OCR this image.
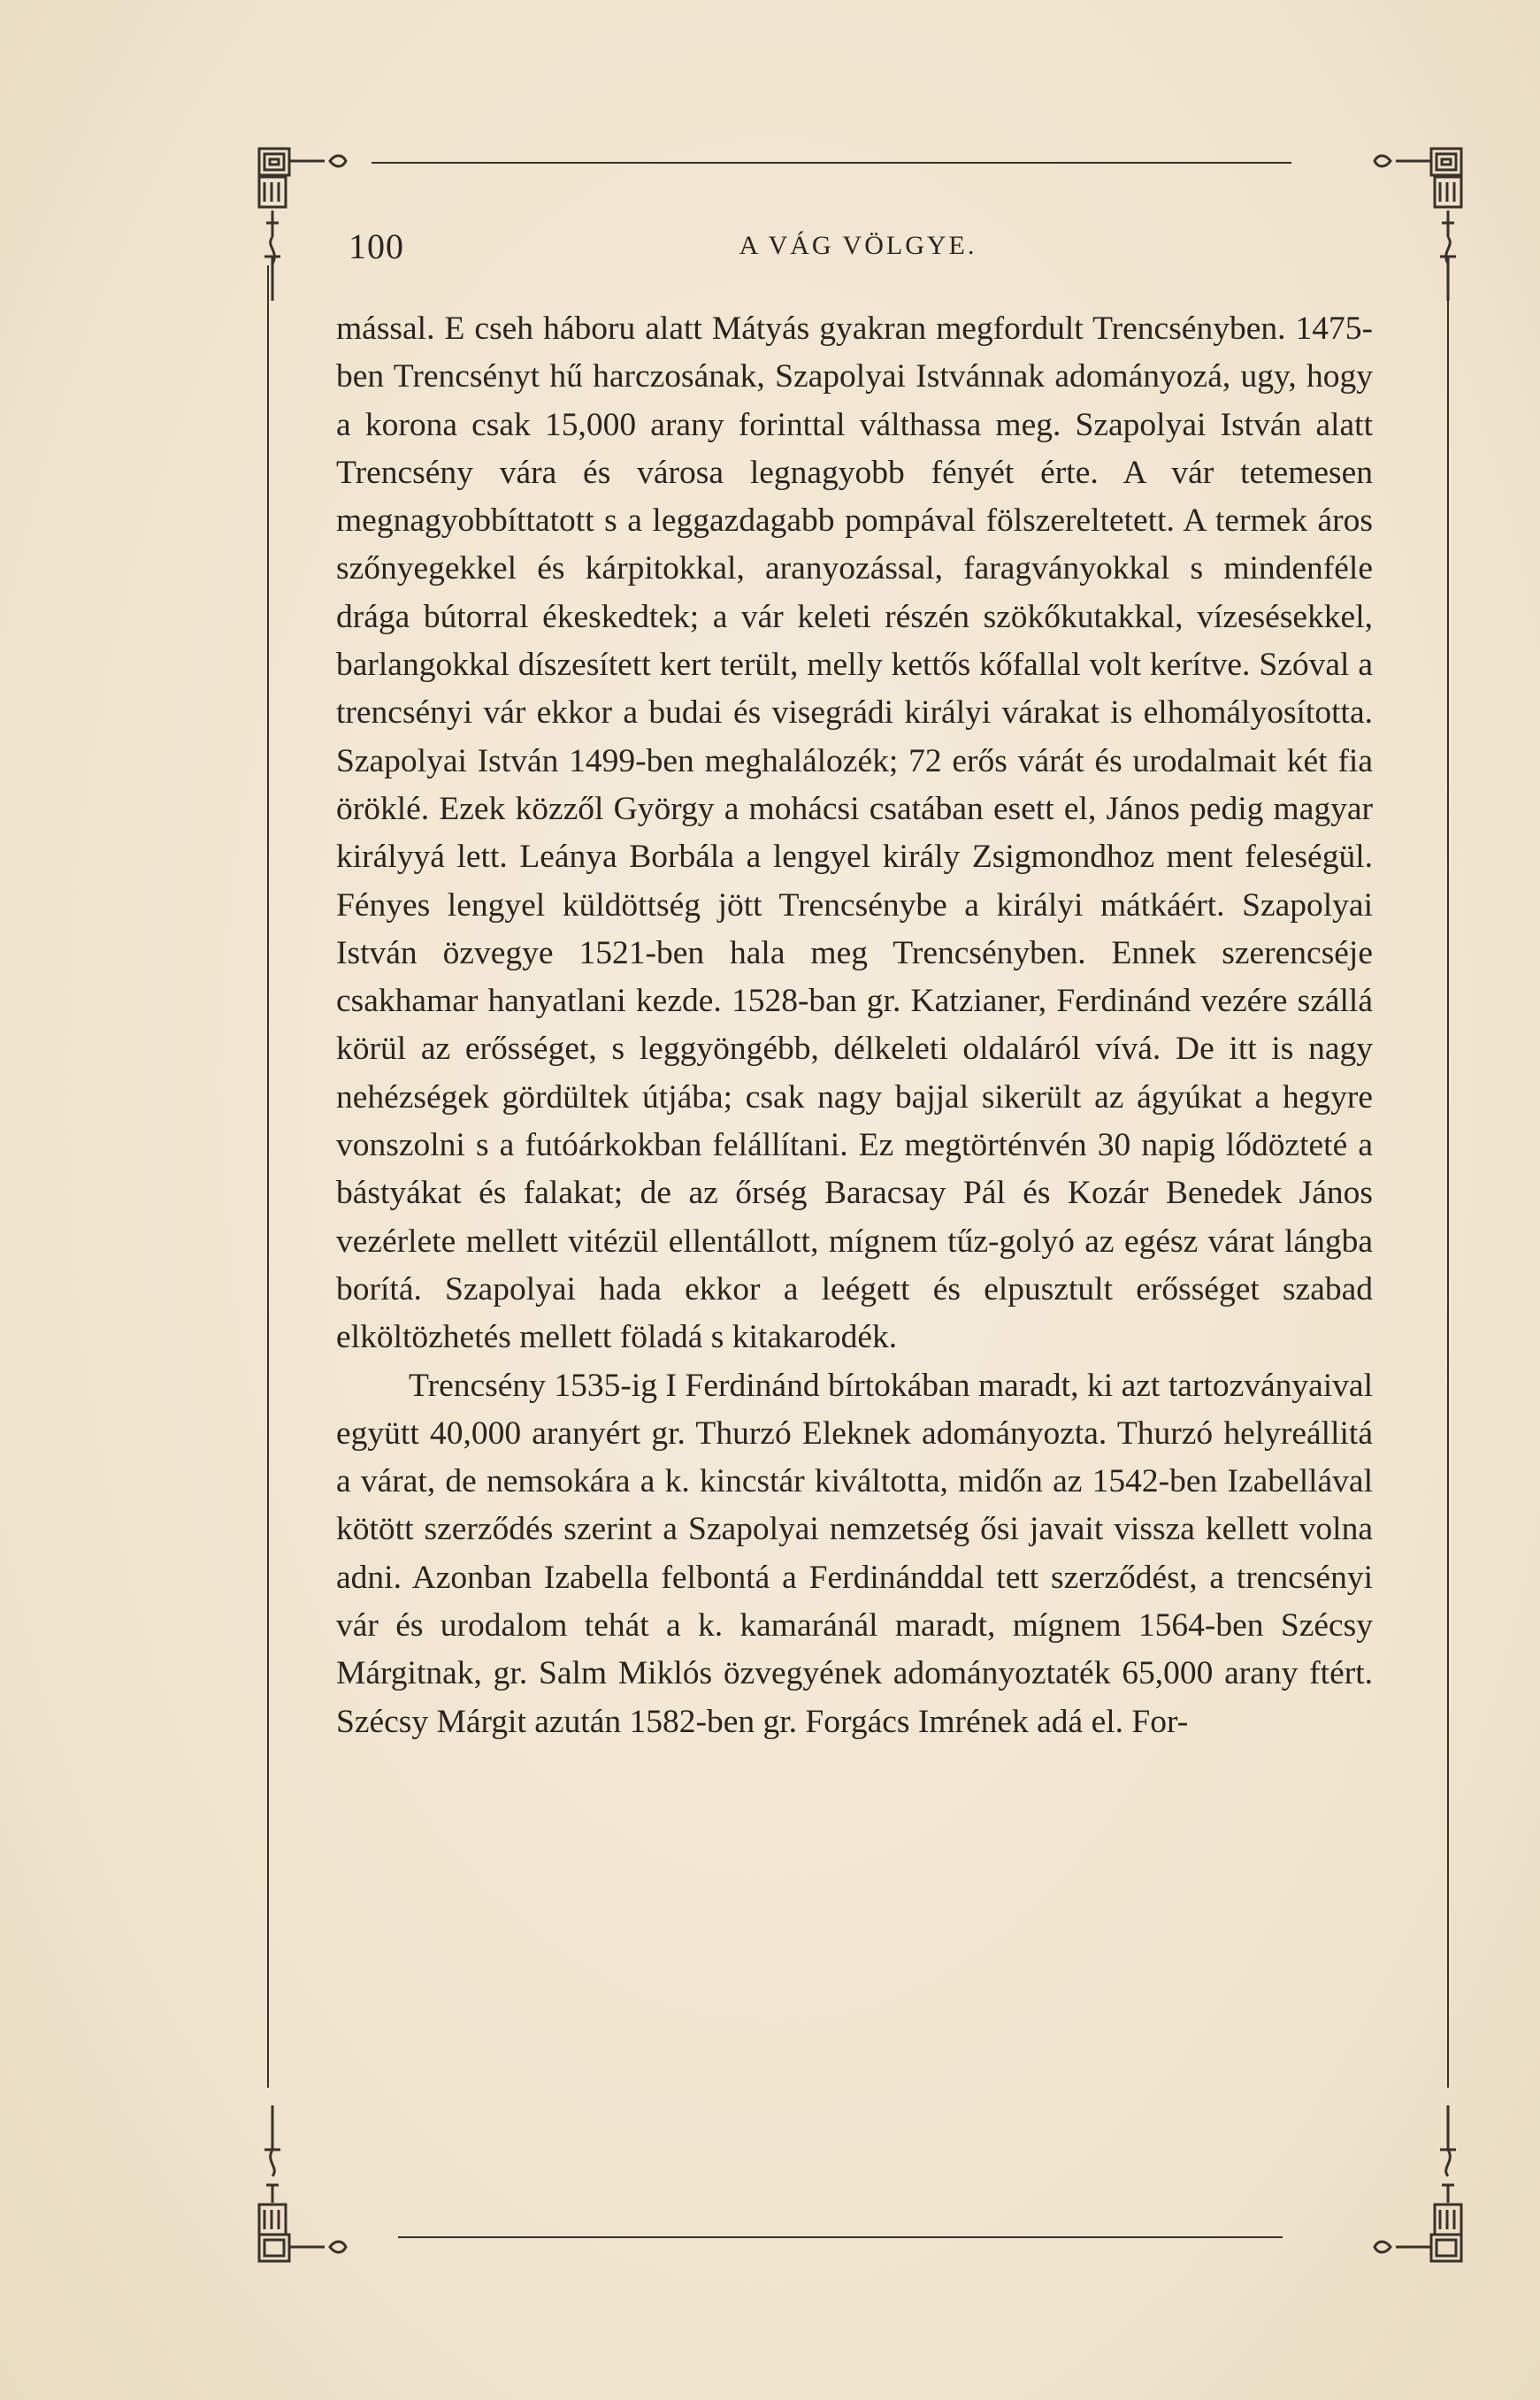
100	A VÁG VÖLGYE.

mással. E cseh háboru alatt Mátyás gyakran megfordult Trencsényben. 1475-ben Trencsényt hű harczosának, Szapolyai Istvánnak adományozá, ugy, hogy a korona csak 15,000 arany forinttal válthassa meg. Szapolyai István alatt Trencsény vára és városa legnagyobb fényét érte. A vár tetemesen megnagyobbíttatott s a leggazdagabb pompával fölszereltetett. A termek áros szőnyegekkel és kárpitokkal, aranyozással, faragványokkal s mindenféle drága bútorral ékeskedtek; a vár keleti részén szökőkutakkal, vízesésekkel, barlangokkal díszesített kert terült, melly kettős kőfallal volt kerítve. Szóval a trencsényi vár ekkor a budai és visegrádi királyi várakat is elhomályosította. Szapolyai István 1499-ben meghalálozék; 72 erős várát és urodalmait két fia öröklé. Ezek közzől György a mohácsi csatában esett el, János pedig magyar királyyá lett. Leánya Borbála a lengyel király Zsigmondhoz ment feleségül. Fényes lengyel küldöttség jött Trencsénybe a királyi mátkáért. Szapolyai István özvegye 1521-ben hala meg Trencsényben. Ennek szerencséje csakhamar hanyatlani kezde. 1528-ban gr. Katzianer, Ferdinánd vezére szállá körül az erősséget, s leggyöngébb, délkeleti oldaláról vívá. De itt is nagy nehézségek gördültek útjába; csak nagy bajjal sikerült az ágyúkat a hegyre vonszolni s a futóárkokban felállítani. Ez megtörténvén 30 napig lődözteté a bástyákat és falakat; de az őrség Baracsay Pál és Kozár Benedek János vezérlete mellett vitézül ellentállott, mígnem tűz-golyó az egész várat lángba borítá. Szapolyai hada ekkor a leégett és elpusztult erősséget szabad elköltözhetés mellett föladá s kitakarodék.

Trencsény 1535-ig I Ferdinánd bírtokában maradt, ki azt tartozványaival együtt 40,000 aranyért gr. Thurzó Eleknek adományozta. Thurzó helyreállitá a várat, de nemsokára a k. kincstár kiváltotta, midőn az 1542-ben Izabellával kötött szerződés szerint a Szapolyai nemzetség ősi javait vissza kellett volna adni. Azonban Izabella felbontá a Ferdinánddal tett szerződést, a trencsényi vár és urodalom tehát a k. kamaránál maradt, mígnem 1564-ben Szécsy Márgitnak, gr. Salm Miklós özvegyének adományoztaték 65,000 arany ftért. Szécsy Márgit azután 1582-ben gr. Forgács Imrének adá el. For-
